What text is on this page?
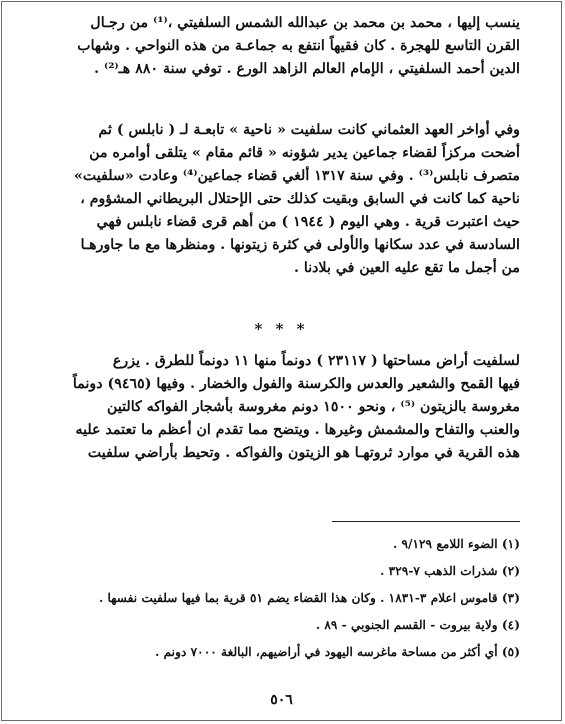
ينسب إليها ، محمد بن محمد بن عبدالله الشمس السلفيتي ،⁽¹⁾ من رجـال
القرن التاسع للهجرة . كان فقيهاً انتفع به جماعـة من هذه النواحي . وشهاب
الدين أحمد السلفيتي ، الإمام العالم الزاهد الورع . توفي سنة ٨٨٠ هـ⁽²⁾ .
وفي أواخر العهد العثماني كانت سلفيت « ناحية » تابعـة لـ ( نابلس ) ثم
أضحت مركزاً لقضاء جماعين يدير شؤونه « قائم مقام » يتلقى أوامره من
متصرف نابلس⁽³⁾ . وفي سنة ١٣١٧ ألغي قضاء جماعين⁽⁴⁾ وعادت «سلفيت»
ناحية كما كانت في السابق وبقيت كذلك حتى الإحتلال البريطاني المشؤوم ،
حيث اعتبرت قرية . وهي اليوم ( ١٩٤٤ ) من أهم قرى قضاء نابلس فهي
السادسة في عدد سكانها والأولى في كثرة زيتونها . ومنظرها مع ما جاورهـا
من أجمل ما تقع عليه العين في بلادنا .
* * *
لسلفيت أراض مساحتها ( ٢٣١١٧ ) دونماً منها ١١ دونماً للطرق . يزرع
فيها القمح والشعير والعدس والكرسنة والفول والخضار . وفيها (٩٤٦٥) دونماً
مغروسة بالزيتون ⁽⁵⁾ ، ونحو ١٥٠٠ دونم مغروسة بأشجار الفواكه كالتين
والعنب والتفاح والمشمش وغيرها . ويتضح مما تقدم ان أعظم ما تعتمد عليه
هذه القرية في موارد ثروتهـا هو الزيتون والفواكه . وتحيط بأراضي سلفيت
(١) الضوء اللامع ٩/١٢٩ .
(٢) شذرات الذهب ٧-٣٢٩ .
(٣) قاموس اعلام ٣-١٨٣١ . وكان هذا القضاء يضم ٥١ قرية بما فيها سلفيت نفسها .
(٤) ولاية بيروت - القسم الجنوبي - ٨٩ .
(٥) أي أكثر من مساحة ماغرسه اليهود في أراضيهم، البالغة ٧٠٠٠ دونم .
٥٠٦
